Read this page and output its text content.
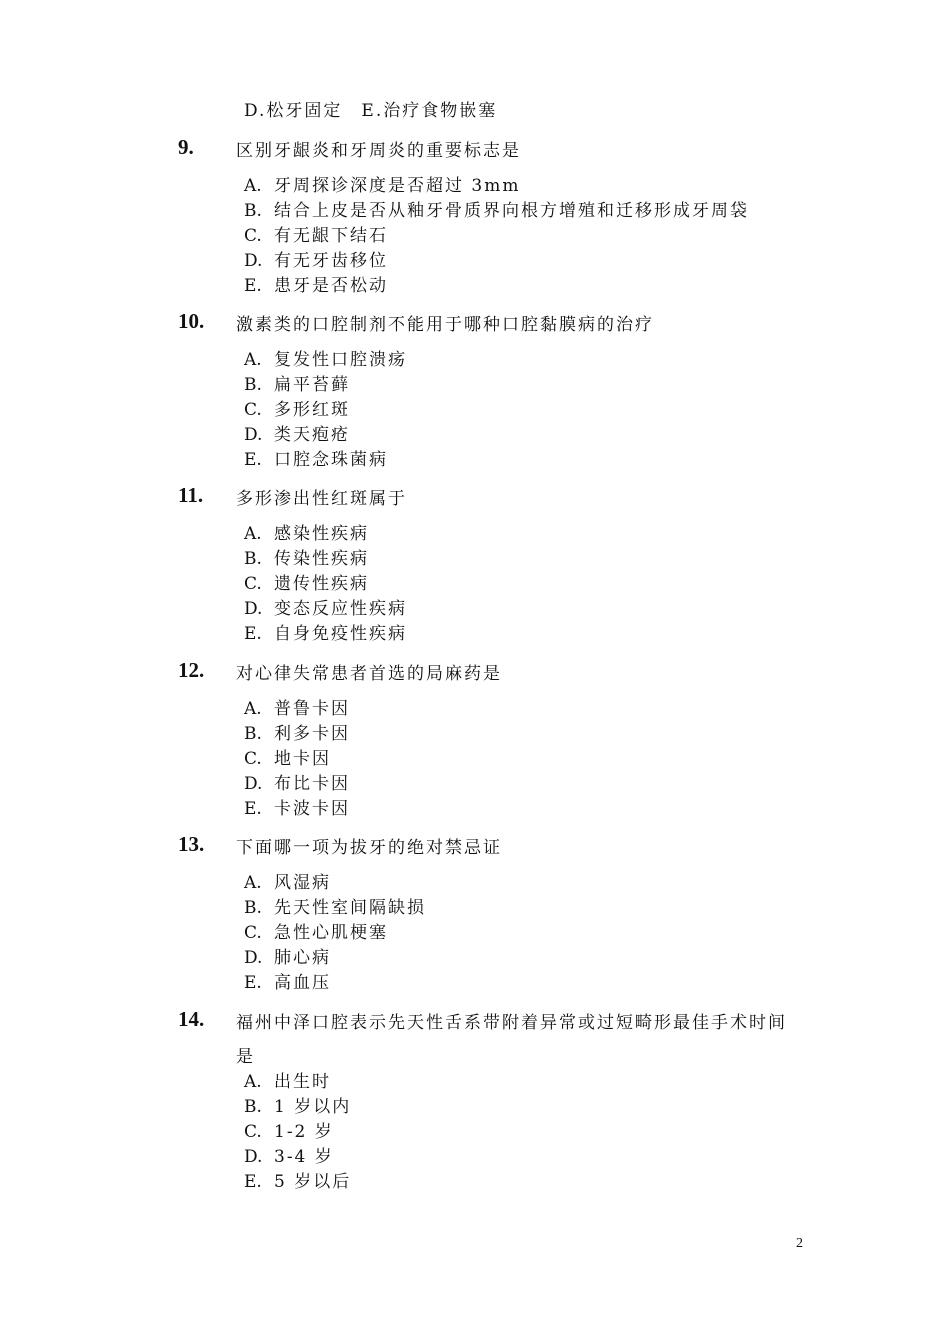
D.松牙固定　E.治疗食物嵌塞
9. 区别牙龈炎和牙周炎的重要标志是
A. 牙周探诊深度是否超过 3mm
B. 结合上皮是否从釉牙骨质界向根方增殖和迁移形成牙周袋
C. 有无龈下结石
D. 有无牙齿移位
E. 患牙是否松动
10. 激素类的口腔制剂不能用于哪种口腔黏膜病的治疗
A. 复发性口腔溃疡
B. 扁平苔藓
C. 多形红斑
D. 类天疱疮
E. 口腔念珠菌病
11. 多形渗出性红斑属于
A. 感染性疾病
B. 传染性疾病
C. 遗传性疾病
D. 变态反应性疾病
E. 自身免疫性疾病
12. 对心律失常患者首选的局麻药是
A. 普鲁卡因
B. 利多卡因
C. 地卡因
D. 布比卡因
E. 卡波卡因
13. 下面哪一项为拔牙的绝对禁忌证
A. 风湿病
B. 先天性室间隔缺损
C. 急性心肌梗塞
D. 肺心病
E. 高血压
14. 福州中泽口腔表示先天性舌系带附着异常或过短畸形最佳手术时间
是
A. 出生时
B. 1 岁以内
C. 1-2 岁
D. 3-4 岁
E. 5 岁以后
2
